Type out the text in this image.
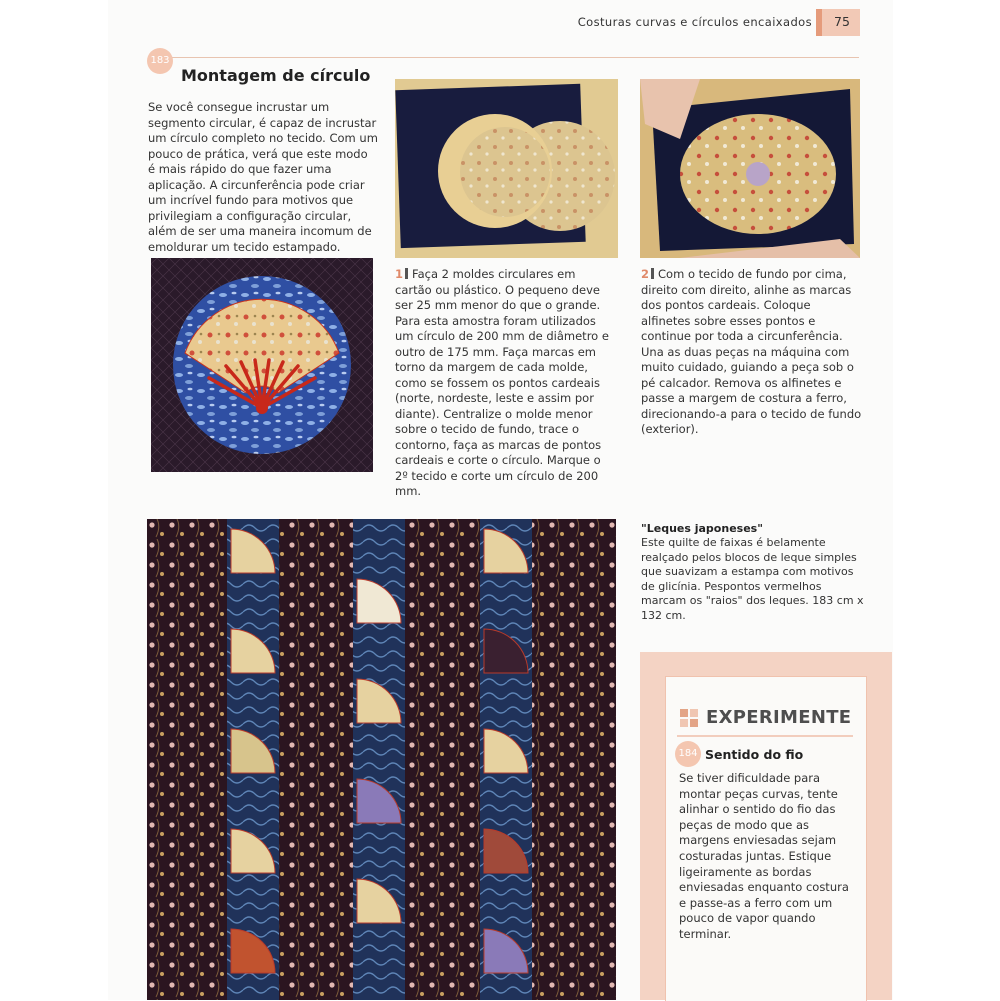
Costuras curvas e círculos encaixados	75
183
Montagem de círculo

Se você consegue incrustar um segmento circular, é capaz de incrustar um círculo completo no tecido. Com um pouco de prática, verá que este modo é mais rápido do que fazer uma aplicação. A circunferência pode criar um incrível fundo para motivos que privilegiam a configuração circular, além de ser uma maneira incomum de emoldurar um tecido estampado.

1 Faça 2 moldes circulares em cartão ou plástico. O pequeno deve ser 25 mm menor do que o grande. Para esta amostra foram utilizados um círculo de 200 mm de diâmetro e outro de 175 mm. Faça marcas em torno da margem de cada molde, como se fossem os pontos cardeais (norte, nordeste, leste e assim por diante). Centralize o molde menor sobre o tecido de fundo, trace o contorno, faça as marcas de pontos cardeais e corte o círculo. Marque o 2º tecido e corte um círculo de 200 mm.

2 Com o tecido de fundo por cima, direito com direito, alinhe as marcas dos pontos cardeais. Coloque alfinetes sobre esses pontos e continue por toda a circunferência. Una as duas peças na máquina com muito cuidado, guiando a peça sob o pé calcador. Remova os alfinetes e passe a margem de costura a ferro, direcionando-a para o tecido de fundo (exterior).

"Leques japoneses"

Este quilte de faixas é belamente realçado pelos blocos de leque simples que suavizam a estampa com motivos de glicínia. Pespontos vermelhos marcam os "raios" dos leques. 183 cm x 132 cm.

EXPERIMENTE
184 Sentido do fio

Se tiver dificuldade para montar peças curvas, tente alinhar o sentido do fio das peças de modo que as margens enviesadas sejam costuradas juntas. Estique ligeiramente as bordas enviesadas enquanto costura e passe-as a ferro com um pouco de vapor quando terminar.
